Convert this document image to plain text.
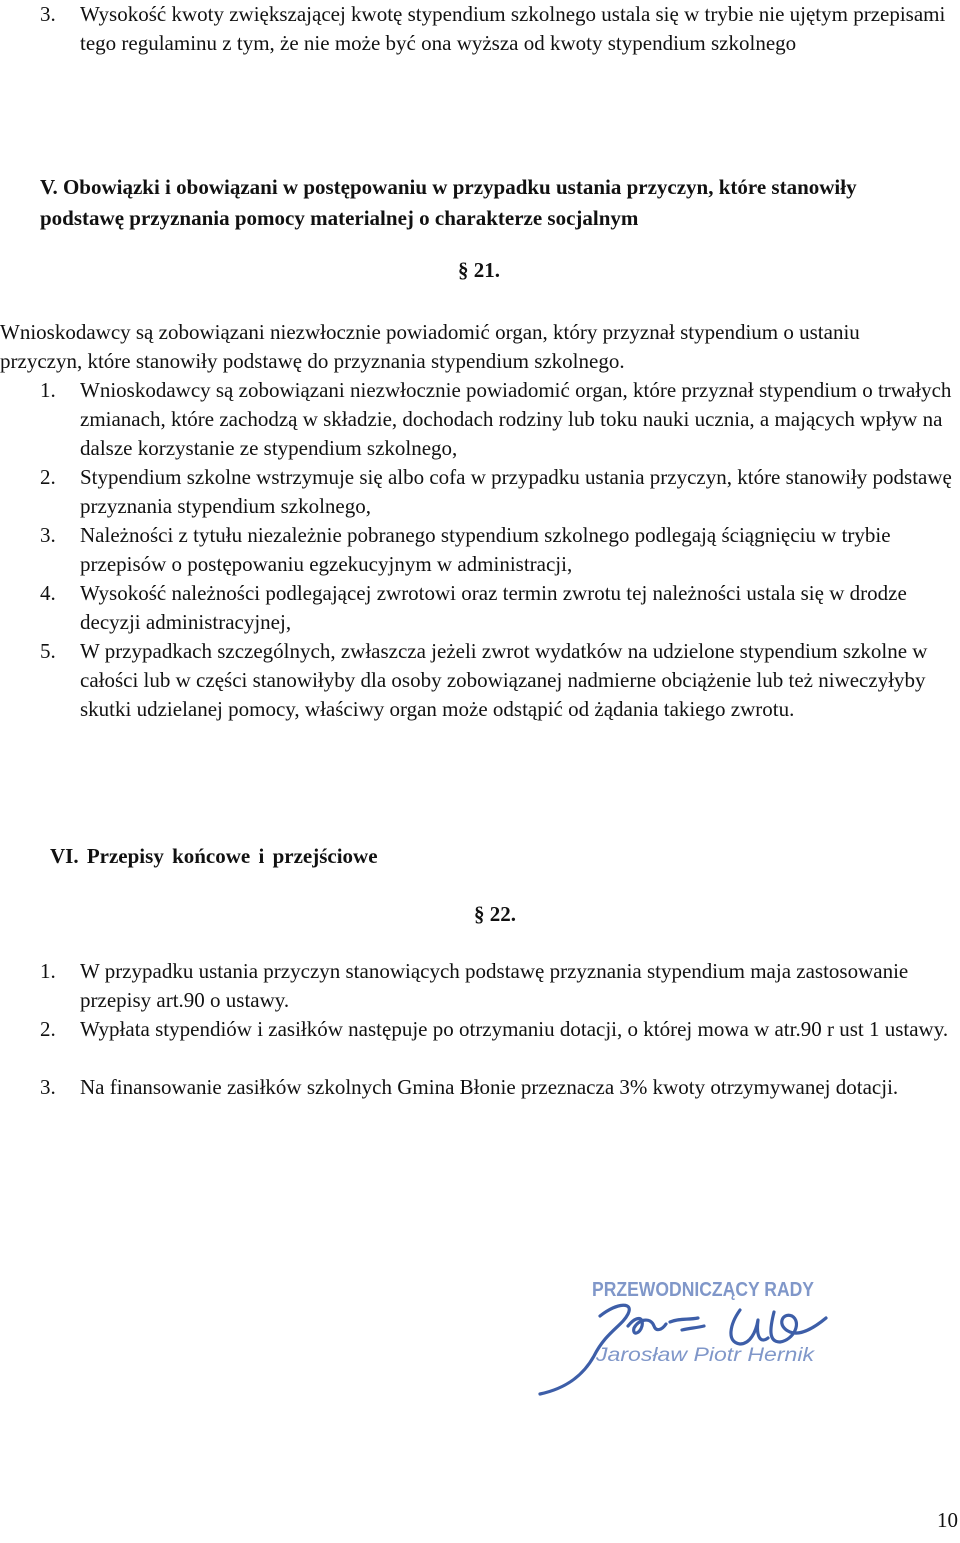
3. Wysokość kwoty zwiększającej kwotę stypendium szkolnego ustala się w trybie nie ujętym przepisami tego regulaminu z tym, że nie może być ona wyższa od kwoty stypendium szkolnego
V. Obowiązki i obowiązani w postępowaniu w przypadku ustania przyczyn, które stanowiły podstawę przyznania pomocy materialnej o charakterze socjalnym
§ 21.
Wnioskodawcy są zobowiązani niezwłocznie powiadomić organ, który przyznał stypendium o ustaniu przyczyn, które stanowiły podstawę do przyznania stypendium szkolnego.
1. Wnioskodawcy są zobowiązani niezwłocznie powiadomić organ, które przyznał stypendium o trwałych zmianach, które zachodzą w składzie, dochodach rodziny lub toku nauki ucznia, a mających wpływ na dalsze korzystanie ze stypendium szkolnego,
2. Stypendium szkolne wstrzymuje się albo cofa w przypadku ustania przyczyn, które stanowiły podstawę przyznania stypendium szkolnego,
3. Należności z tytułu niezależnie pobranego stypendium szkolnego podlegają ściągnięciu w trybie przepisów o postępowaniu egzekucyjnym w administracji,
4. Wysokość należności podlegającej zwrotowi oraz termin zwrotu tej należności ustala się w drodze decyzji administracyjnej,
5. W przypadkach szczególnych, zwłaszcza jeżeli zwrot wydatków na udzielone stypendium szkolne w całości lub w części stanowiłyby dla osoby zobowiązanej nadmierne obciążenie lub też niweczyłyby skutki udzielanej pomocy, właściwy organ może odstąpić od żądania takiego zwrotu.
VI. Przepisy końcowe i przejściowe
§ 22.
1. W przypadku ustania przyczyn stanowiących podstawę przyznania stypendium maja zastosowanie przepisy art.90 o ustawy.
2. Wypłata stypendiów i zasiłków następuje po otrzymaniu dotacji, o której mowa w atr.90 r ust 1 ustawy.
3. Na finansowanie zasiłków szkolnych Gmina Błonie przeznacza 3% kwoty otrzymywanej dotacji.
PRZEWODNICZĄCY RADY
Jarosław Piotr Hernik
10
